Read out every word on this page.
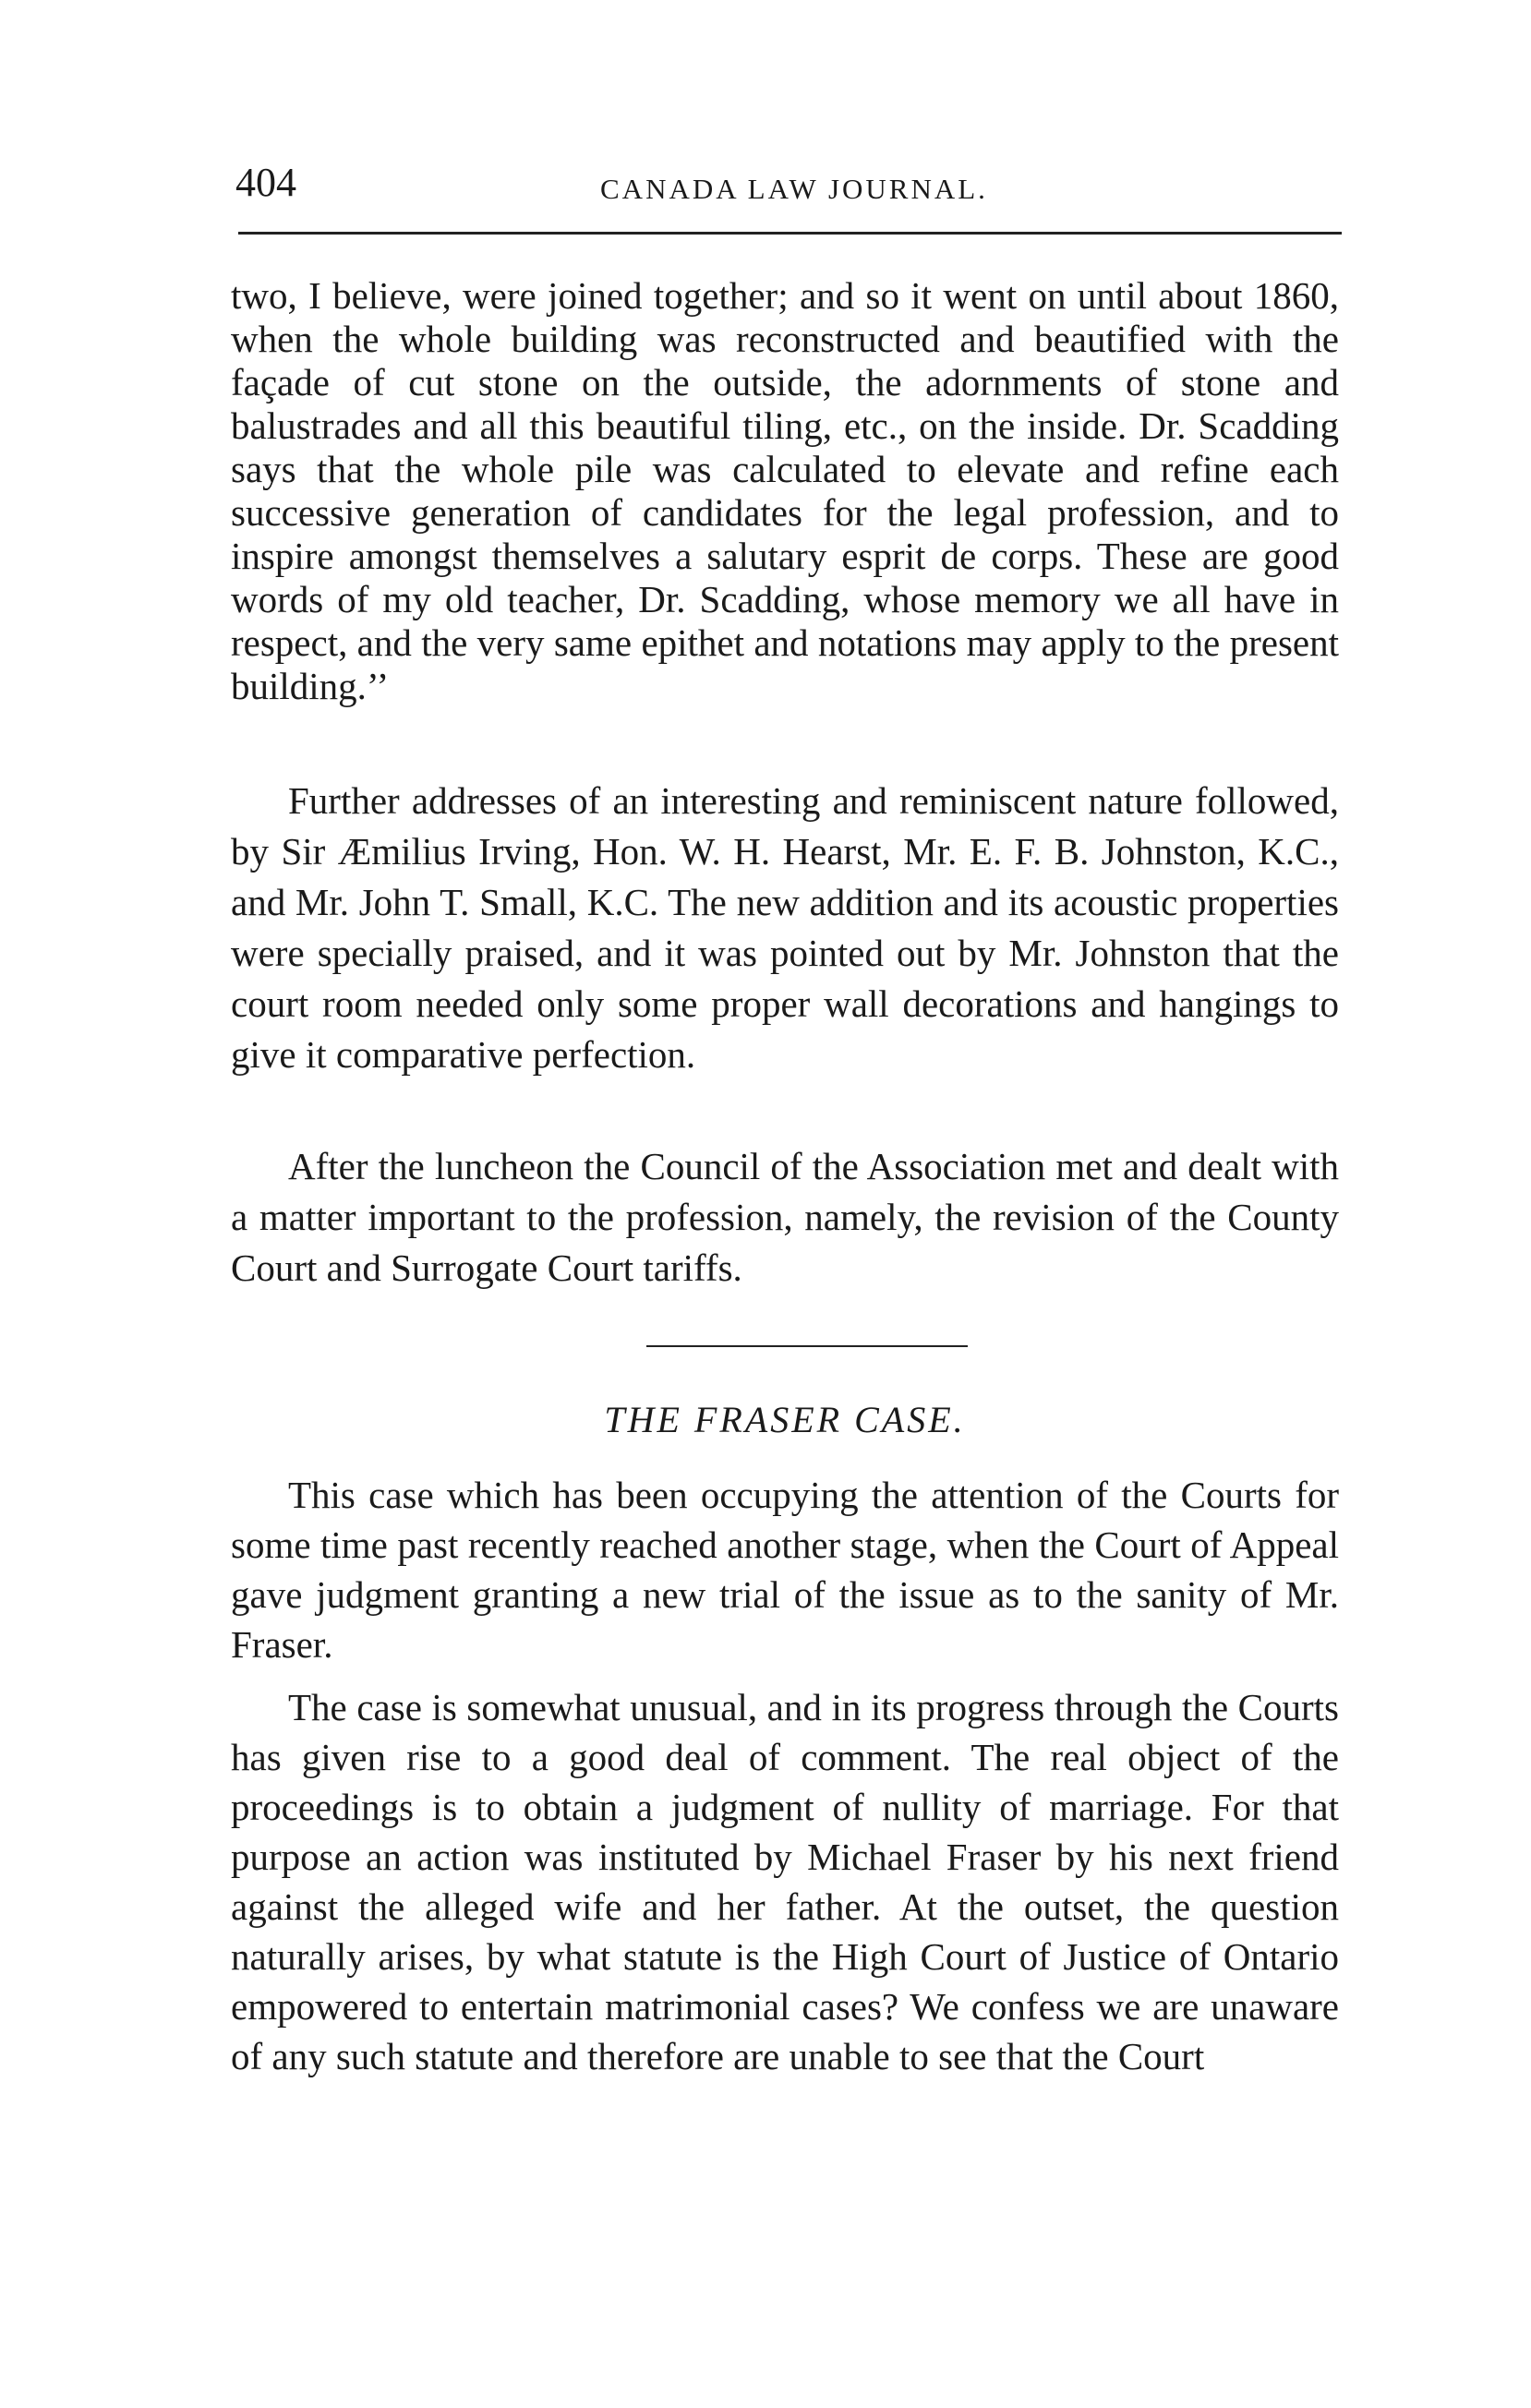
404	CANADA LAW JOURNAL.

two, I believe, were joined together; and so it went on until about 1860, when the whole building was reconstructed and beautified with the façade of cut stone on the outside, the adornments of stone and balustrades and all this beautiful tiling, etc., on the inside. Dr. Scadding says that the whole pile was calculated to elevate and refine each successive generation of candidates for the legal profession, and to inspire amongst themselves a salutary esprit de corps. These are good words of my old teacher, Dr. Scadding, whose memory we all have in respect, and the very same epithet and notations may apply to the present building.’’

Further addresses of an interesting and reminiscent nature followed, by Sir Æmilius Irving, Hon. W. H. Hearst, Mr. E. F. B. Johnston, K.C., and Mr. John T. Small, K.C. The new addition and its acoustic properties were specially praised, and it was pointed out by Mr. Johnston that the court room needed only some proper wall decorations and hangings to give it comparative perfection.

After the luncheon the Council of the Association met and dealt with a matter important to the profession, namely, the revision of the County Court and Surrogate Court tariffs.

THE FRASER CASE.

This case which has been occupying the attention of the Courts for some time past recently reached another stage, when the Court of Appeal gave judgment granting a new trial of the issue as to the sanity of Mr. Fraser.

The case is somewhat unusual, and in its progress through the Courts has given rise to a good deal of comment. The real object of the proceedings is to obtain a judgment of nullity of marriage. For that purpose an action was instituted by Michael Fraser by his next friend against the alleged wife and her father. At the outset, the question naturally arises, by what statute is the High Court of Justice of Ontario empowered to entertain matrimonial cases? We confess we are unaware of any such statute and therefore are unable to see that the Court
